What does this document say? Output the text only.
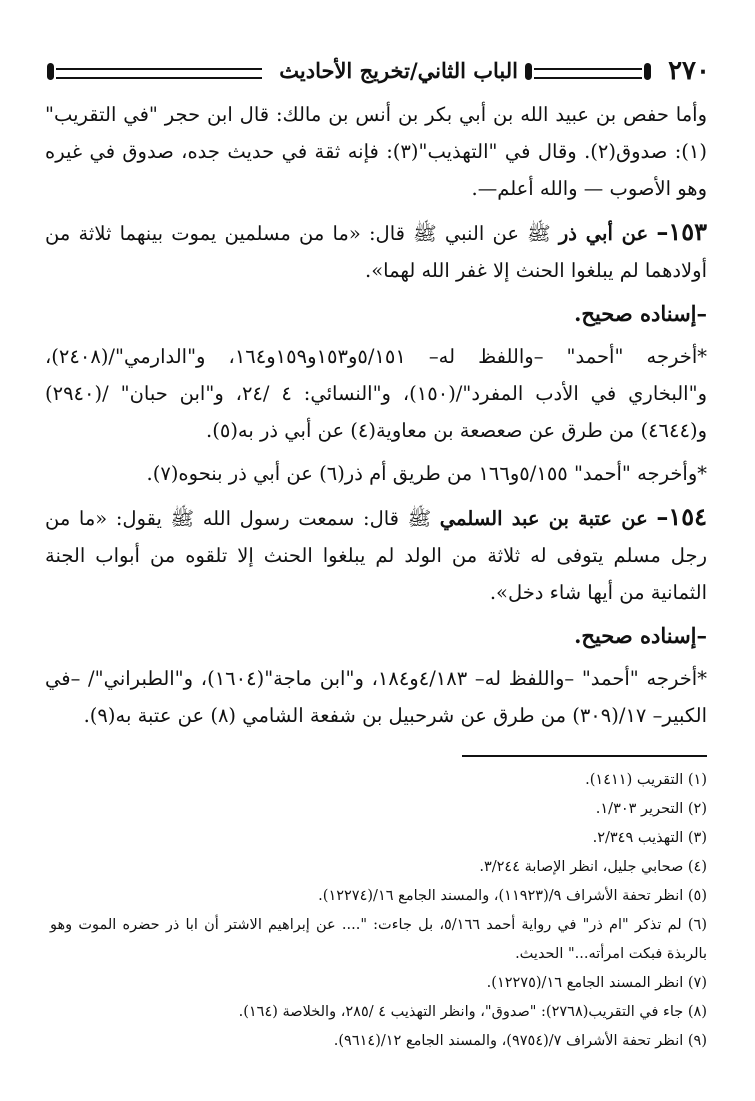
٢٧٠
الباب الثاني/تخريج الأحاديث

وأما حفص بن عبيد الله بن أبي بكر بن أنس بن مالك: قال ابن حجر "في التقريب"(١): صدوق(٢). وقال في "التهذيب"(٣): فإنه ثقة في حديث جده، صدوق في غيره وهو الأصوب — والله أعلم—.

١٥٣– عن أبي ذر ﷺ عن النبي ﷺ قال: «ما من مسلمين يموت بينهما ثلاثة من أولادهما لم يبلغوا الحنث إلا غفر الله لهما».

–إسناده صحيح.

*أخرجه "أحمد" –واللفظ له– ٥/١٥١و١٥٣و١٥٩و١٦٤، و"الدارمي"/(٢٤٠٨)، و"البخاري في الأدب المفرد"/(١٥٠)، و"النسائي: ٤ /٢٤، و"ابن حبان" /(٢٩٤٠) و(٤٦٤٤) من طرق عن صعصعة بن معاوية(٤) عن أبي ذر به(٥).

*وأخرجه "أحمد" ٥/١٥٥و١٦٦ من طريق أم ذر(٦) عن أبي ذر بنحوه(٧).

١٥٤– عن عتبة بن عبد السلمي ﷺ قال: سمعت رسول الله ﷺ يقول: «ما من رجل مسلم يتوفى له ثلاثة من الولد لم يبلغوا الحنث إلا تلقوه من أبواب الجنة الثمانية من أيها شاء دخل».

–إسناده صحيح.

*أخرجه "أحمد" –واللفظ له– ٤/١٨٣و١٨٤، و"ابن ماجة"(١٦٠٤)، و"الطبراني"/ –في الكبير– ١٧/(٣٠٩) من طرق عن شرحبيل بن شفعة الشامي (٨) عن عتبة به(٩).

(١) التقريب (١٤١١).

(٢) التحرير ١/٣٠٣.

(٣) التهذيب ٢/٣٤٩.

(٤) صحابي جليل، انظر الإصابة ٣/٢٤٤.

(٥) انظر تحفة الأشراف ٩/(١١٩٢٣)، والمسند الجامع ١٦/(١٢٢٧٤).

(٦) لم تذكر "ام ذر" في رواية أحمد ٥/١٦٦، بل جاءت: ".... عن إبراهيم الاشتر أن ابا ذر حضره الموت وهو بالربذة فبكت امرأته..." الحديث.

(٧) انظر المسند الجامع ١٦/(١٢٢٧٥).

(٨) جاء في التقريب(٢٧٦٨): "صدوق"، وانظر التهذيب ٤ /٢٨٥، والخلاصة (١٦٤).

(٩) انظر تحفة الأشراف ٧/(٩٧٥٤)، والمسند الجامع ١٢/(٩٦١٤).
